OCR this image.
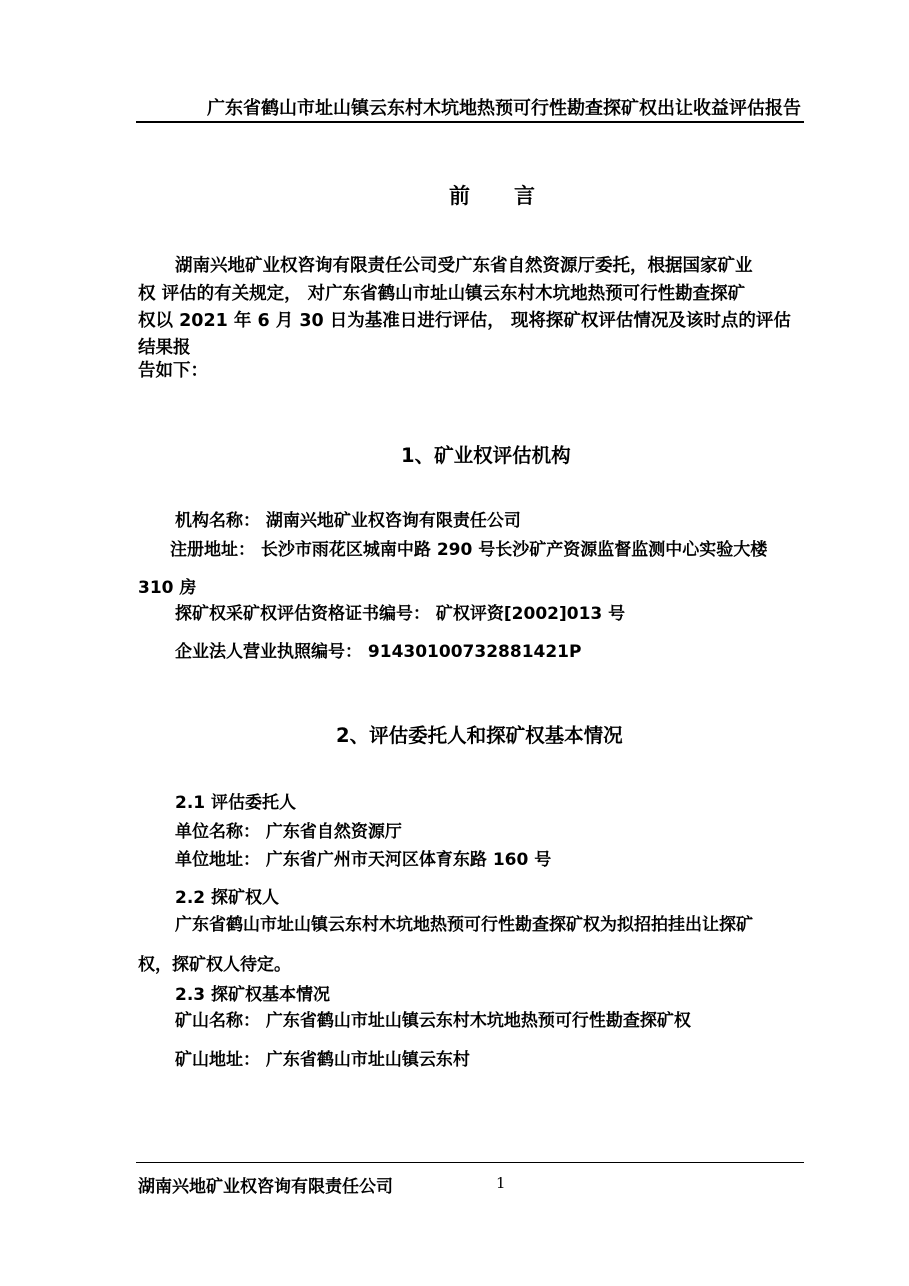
广东省鹤山市址山镇云东村木坑地热预可行性勘查探矿权出让收益评估报告
前 言
湖南兴地矿业权咨询有限责任公司受广东省自然资源厅委托，根据国家矿业
权 评估的有关规定， 对广东省鹤山市址山镇云东村木坑地热预可行性勘查探矿
权以 2021 年 6 月 30 日为基准日进行评估， 现将探矿权评估情况及该时点的评估
结果报
告如下：
1、矿业权评估机构
机构名称： 湖南兴地矿业权咨询有限责任公司
注册地址： 长沙市雨花区城南中路 290 号长沙矿产资源监督监测中心实验大楼
310 房
探矿权采矿权评估资格证书编号： 矿权评资[2002]013 号
企业法人营业执照编号： 91430100732881421P
2、评估委托人和探矿权基本情况
2.1 评估委托人
单位名称： 广东省自然资源厅
单位地址： 广东省广州市天河区体育东路 160 号
2.2 探矿权人
广东省鹤山市址山镇云东村木坑地热预可行性勘查探矿权为拟招拍挂出让探矿
权，探矿权人待定。
2.3 探矿权基本情况
矿山名称： 广东省鹤山市址山镇云东村木坑地热预可行性勘查探矿权
矿山地址： 广东省鹤山市址山镇云东村
湖南兴地矿业权咨询有限责任公司	1
